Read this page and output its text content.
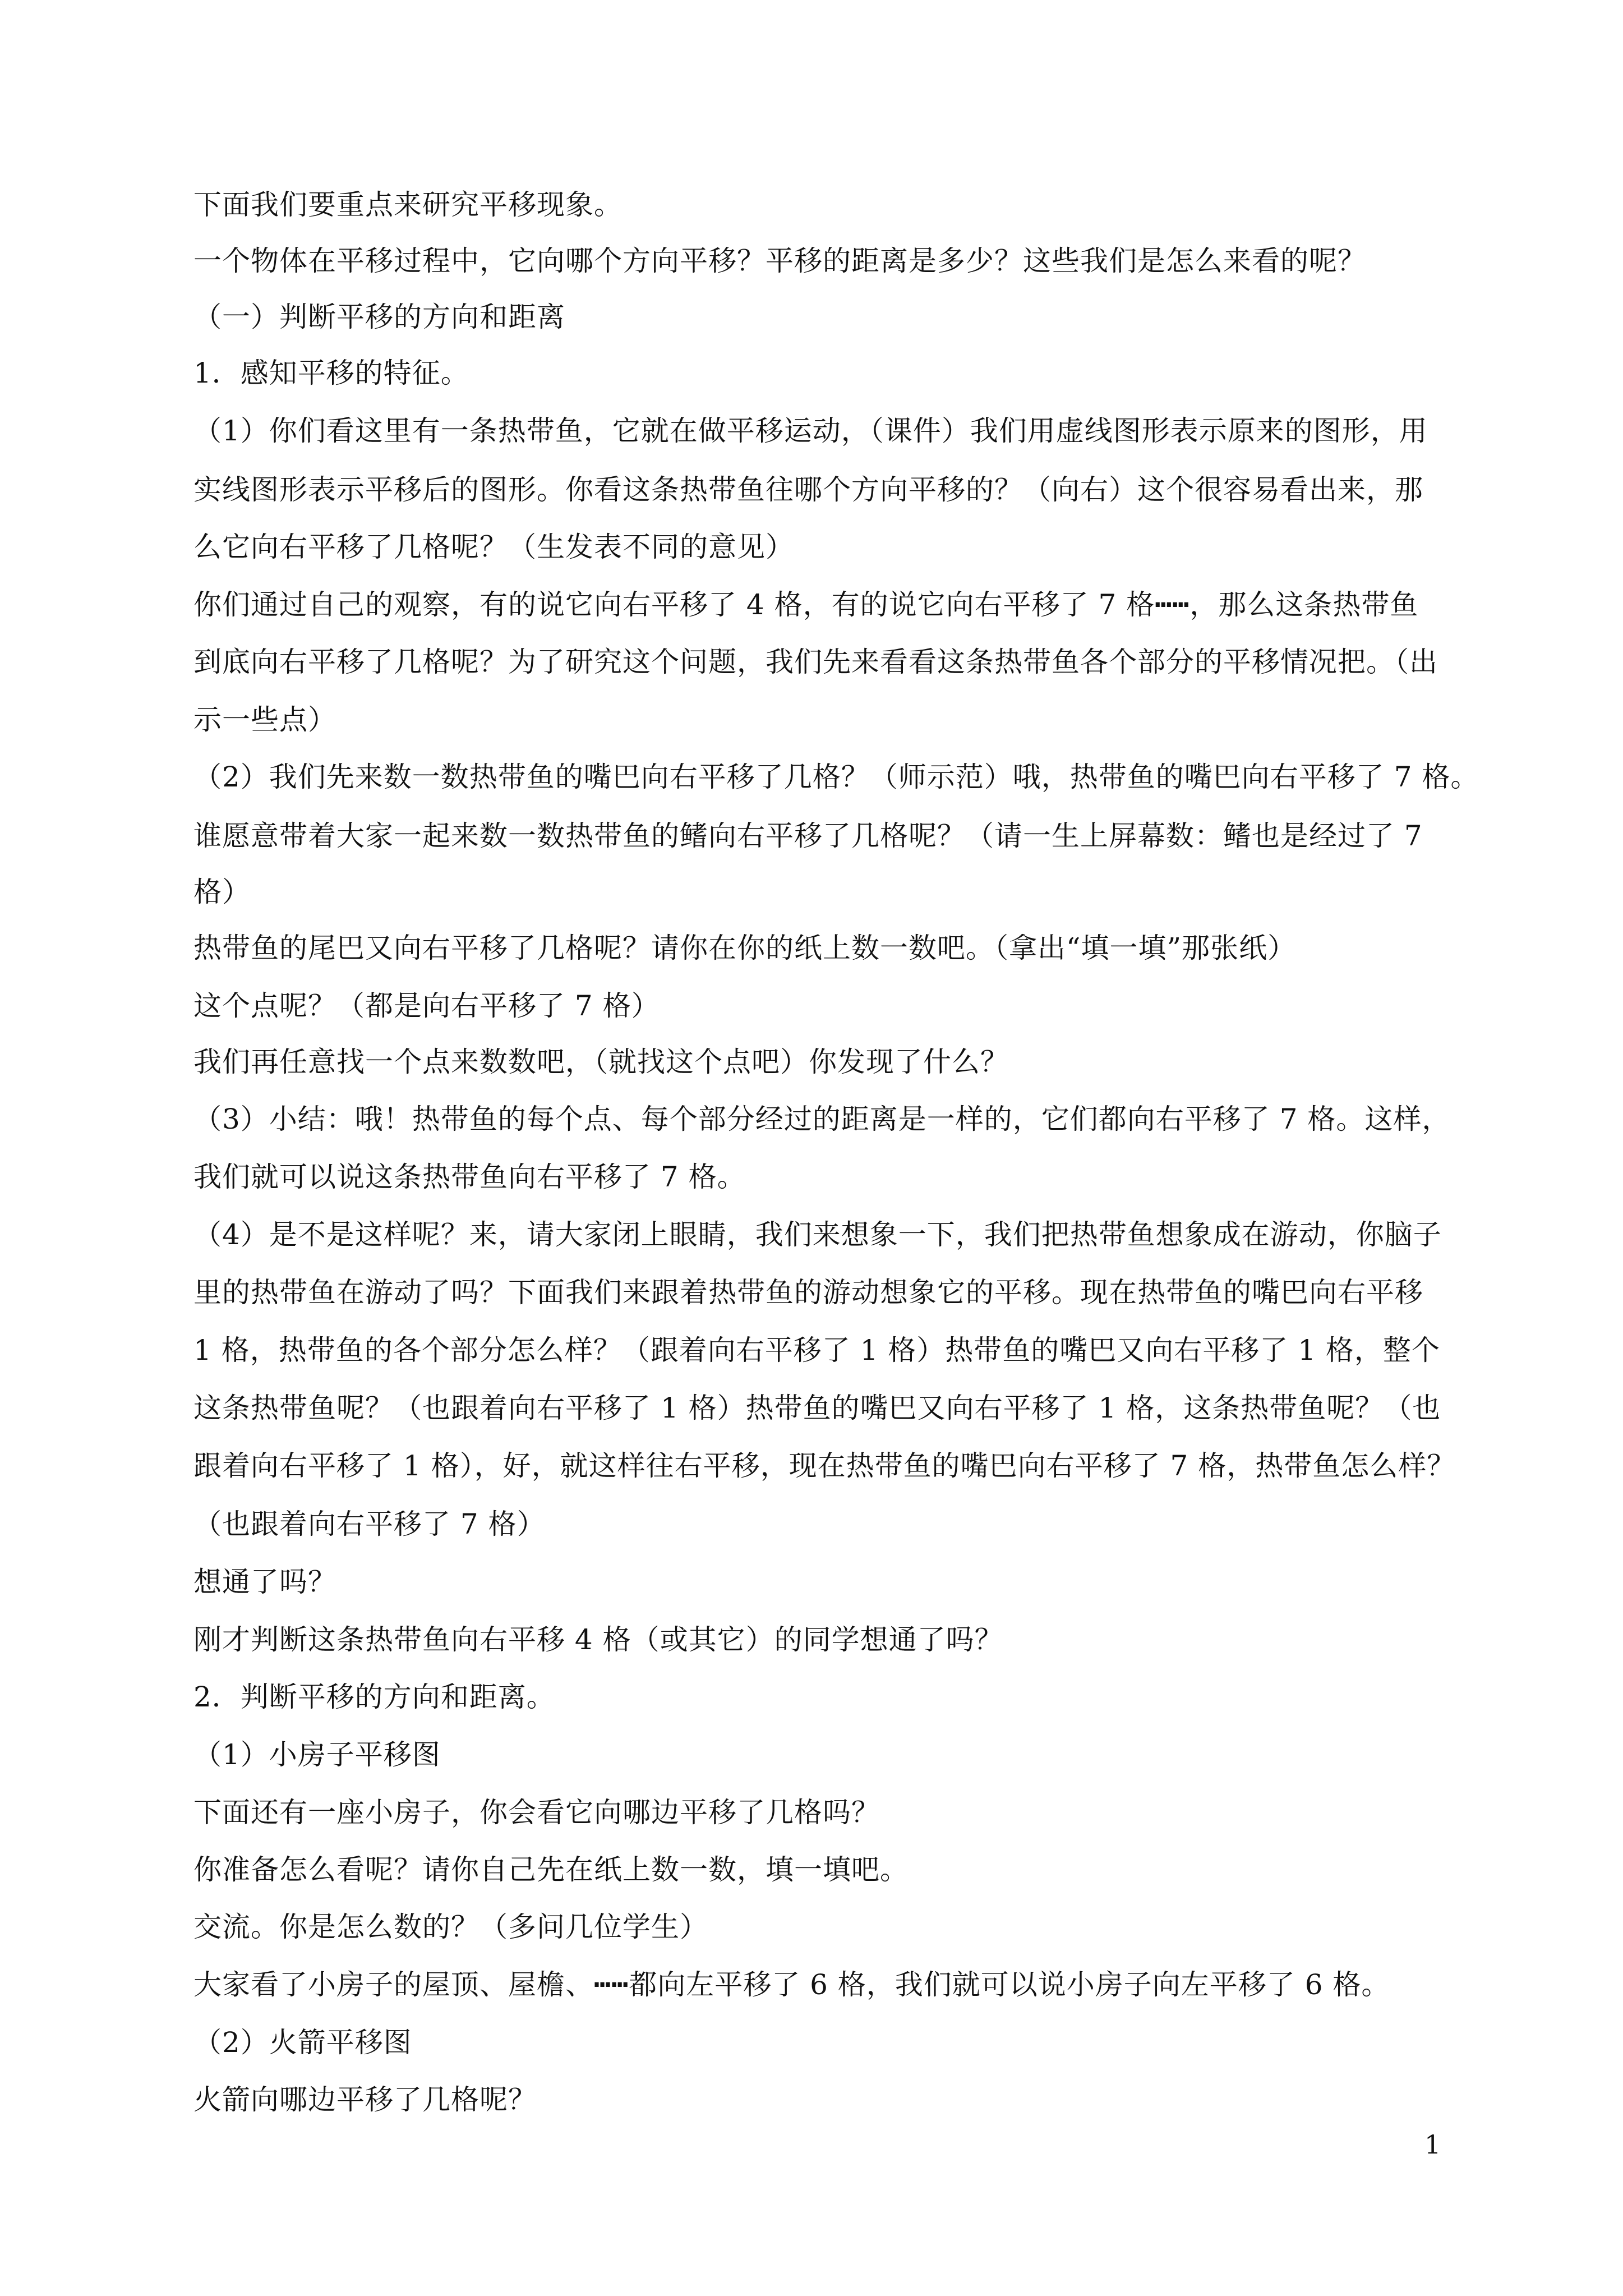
下面我们要重点来研究平移现象。
一个物体在平移过程中，它向哪个方向平移？平移的距离是多少？这些我们是怎么来看的呢？
（一）判断平移的方向和距离
1．感知平移的特征。
（1）你们看这里有一条热带鱼，它就在做平移运动，（课件）我们用虚线图形表示原来的图形，用
实线图形表示平移后的图形。你看这条热带鱼往哪个方向平移的？（向右）这个很容易看出来，那
么它向右平移了几格呢？（生发表不同的意见）
你们通过自己的观察，有的说它向右平移了 4 格，有的说它向右平移了 7 格┅┅，那么这条热带鱼
到底向右平移了几格呢？为了研究这个问题，我们先来看看这条热带鱼各个部分的平移情况把。（出
示一些点）
（2）我们先来数一数热带鱼的嘴巴向右平移了几格？（师示范）哦，热带鱼的嘴巴向右平移了 7 格。
谁愿意带着大家一起来数一数热带鱼的鳍向右平移了几格呢？（请一生上屏幕数：鳍也是经过了 7
格）
热带鱼的尾巴又向右平移了几格呢？请你在你的纸上数一数吧。（拿出“填一填”那张纸）
这个点呢？（都是向右平移了 7 格）
我们再任意找一个点来数数吧，（就找这个点吧）你发现了什么？
（3）小结：哦！热带鱼的每个点、每个部分经过的距离是一样的，它们都向右平移了 7 格。这样，
我们就可以说这条热带鱼向右平移了 7 格。
（4）是不是这样呢？来，请大家闭上眼睛，我们来想象一下，我们把热带鱼想象成在游动，你脑子
里的热带鱼在游动了吗？下面我们来跟着热带鱼的游动想象它的平移。现在热带鱼的嘴巴向右平移
1 格，热带鱼的各个部分怎么样？（跟着向右平移了 1 格）热带鱼的嘴巴又向右平移了 1 格，整个
这条热带鱼呢？（也跟着向右平移了 1 格）热带鱼的嘴巴又向右平移了 1 格，这条热带鱼呢？（也
跟着向右平移了 1 格），好，就这样往右平移，现在热带鱼的嘴巴向右平移了 7 格，热带鱼怎么样？
（也跟着向右平移了 7 格）
想通了吗？
刚才判断这条热带鱼向右平移 4 格（或其它）的同学想通了吗？
2．判断平移的方向和距离。
（1）小房子平移图
下面还有一座小房子，你会看它向哪边平移了几格吗？
你准备怎么看呢？请你自己先在纸上数一数，填一填吧。
交流。你是怎么数的？（多问几位学生）
大家看了小房子的屋顶、屋檐、┅┅都向左平移了 6 格，我们就可以说小房子向左平移了 6 格。
（2）火箭平移图
火箭向哪边平移了几格呢？
1
